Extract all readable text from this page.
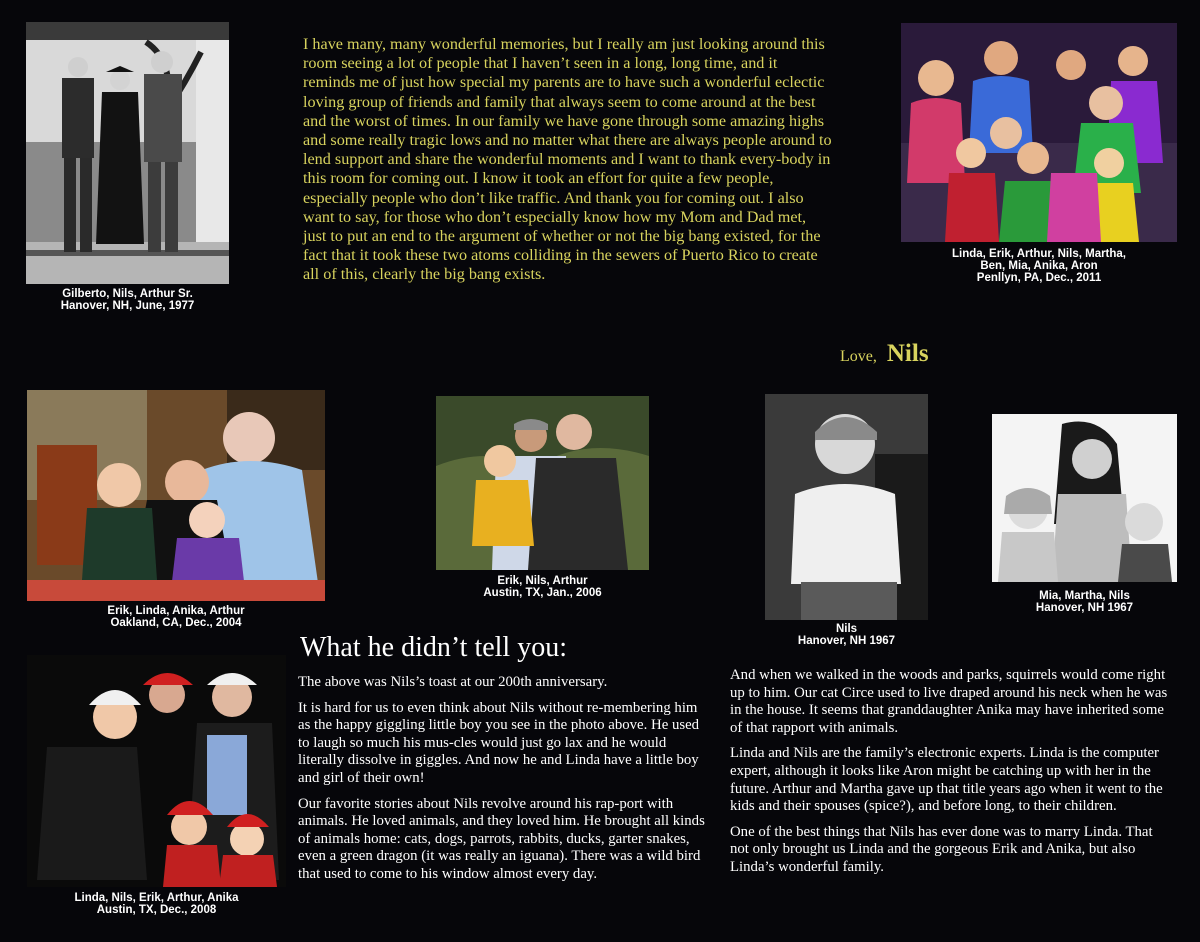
Gilberto, Nils, Arthur Sr.
Hanover, NH, June, 1977

I have many, many wonderful memories, but I really am just looking around this room seeing a lot of people that I haven’t seen in a long, long time, and it reminds me of just how special my parents are to have such a wonderful eclectic loving group of friends and family that always seem to come around at the best and the worst of times. In our family we have gone through some amazing highs and some really tragic lows and no matter what there are always people around to lend support and share the wonderful moments and I want to thank every-body in this room for coming out. I know it took an effort for quite a few people, especially people who don’t like traffic. And thank you for coming out. I also want to say, for those who don’t especially know how my Mom and Dad met, just to put an end to the argument of whether or not the big bang existed, for the fact that it took these two atoms colliding in the sewers of Puerto Rico to create all of this, clearly the big bang exists.

Love, Nils
Linda, Erik, Arthur, Nils, Martha,
Ben, Mia, Anika, Aron
Penllyn, PA, Dec., 2011
Erik, Linda, Anika, Arthur
Oakland, CA, Dec., 2004
Erik, Nils, Arthur
Austin, TX, Jan., 2006
Nils
Hanover, NH 1967
Mia, Martha, Nils
Hanover, NH 1967
Linda, Nils, Erik, Arthur, Anika
Austin, TX, Dec., 2008
What he didn’t tell you:

The above was Nils’s toast at our 200th anniversary.

It is hard for us to even think about Nils without re-membering him as the happy giggling little boy you see in the photo above. He used to laugh so much his mus-cles would just go lax and he would literally dissolve in giggles. And now he and Linda have a little boy and girl of their own!

Our favorite stories about Nils revolve around his rap-port with animals. He loved animals, and they loved him. He brought all kinds of animals home: cats, dogs, parrots, rabbits, ducks, garter snakes, even a green dragon (it was really an iguana). There was a wild bird that used to come to his window almost every day.

And when we walked in the woods and parks, squirrels would come right up to him. Our cat Circe used to live draped around his neck when he was in the house. It seems that granddaughter Anika may have inherited some of that rapport with animals.

Linda and Nils are the family’s electronic experts. Linda is the computer expert, although it looks like Aron might be catching up with her in the future. Arthur and Martha gave up that title years ago when it went to the kids and their spouses (spice?), and before long, to their children.

One of the best things that Nils has ever done was to marry Linda. That not only brought us Linda and the gorgeous Erik and Anika, but also Linda’s wonderful family.
